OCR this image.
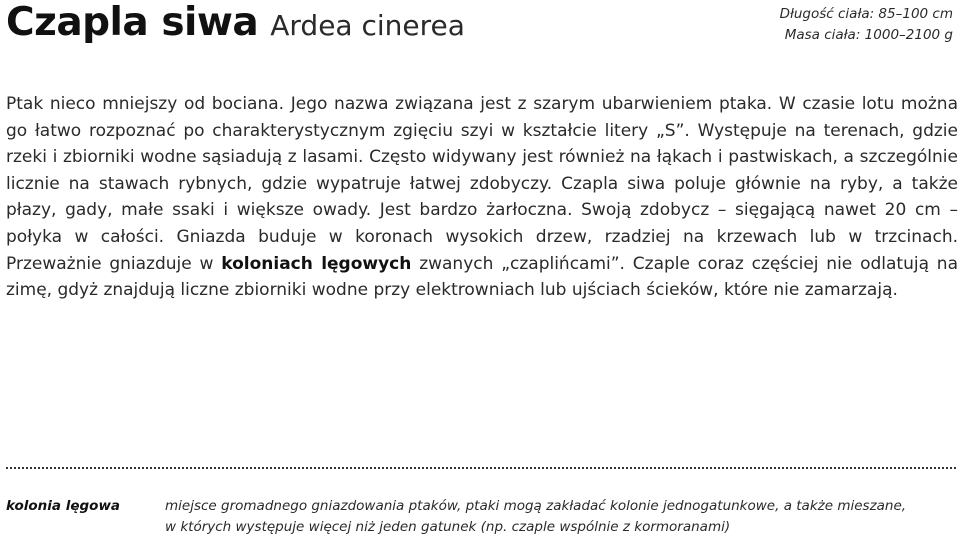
Czapla siwa Ardea cinerea	Długość ciała: 85–100 cm
Masa ciała: 1000–2100 g

Ptak nieco mniejszy od bociana. Jego nazwa związana jest z szarym ubarwieniem ptaka. W czasie lotu można go łatwo rozpoznać po charakterystycznym zgięciu szyi w kształcie litery „S”. Występuje na terenach, gdzie rzeki i zbiorniki wodne sąsiadują z lasami. Często widywany jest również na łąkach i pastwiskach, a szczególnie licznie na stawach rybnych, gdzie wypatruje łatwej zdobyczy. Czapla siwa poluje głównie na ryby, a także płazy, gady, małe ssaki i większe owady. Jest bardzo żarłoczna. Swoją zdobycz – sięgającą nawet 20 cm – połyka w całości. Gniazda buduje w koronach wysokich drzew, rzadziej na krzewach lub w trzcinach. Przeważnie gniazduje w koloniach lęgowych zwanych „czaplińcami”. Czaple coraz częściej nie odlatują na zimę, gdyż znajdują liczne zbiorniki wodne przy elektrowniach lub ujściach ścieków, które nie zamarzają.

kolonia lęgowa	miejsce gromadnego gniazdowania ptaków, ptaki mogą zakładać kolonie jednogatunkowe, a także mieszane,
w których występuje więcej niż jeden gatunek (np. czaple wspólnie z kormoranami)
